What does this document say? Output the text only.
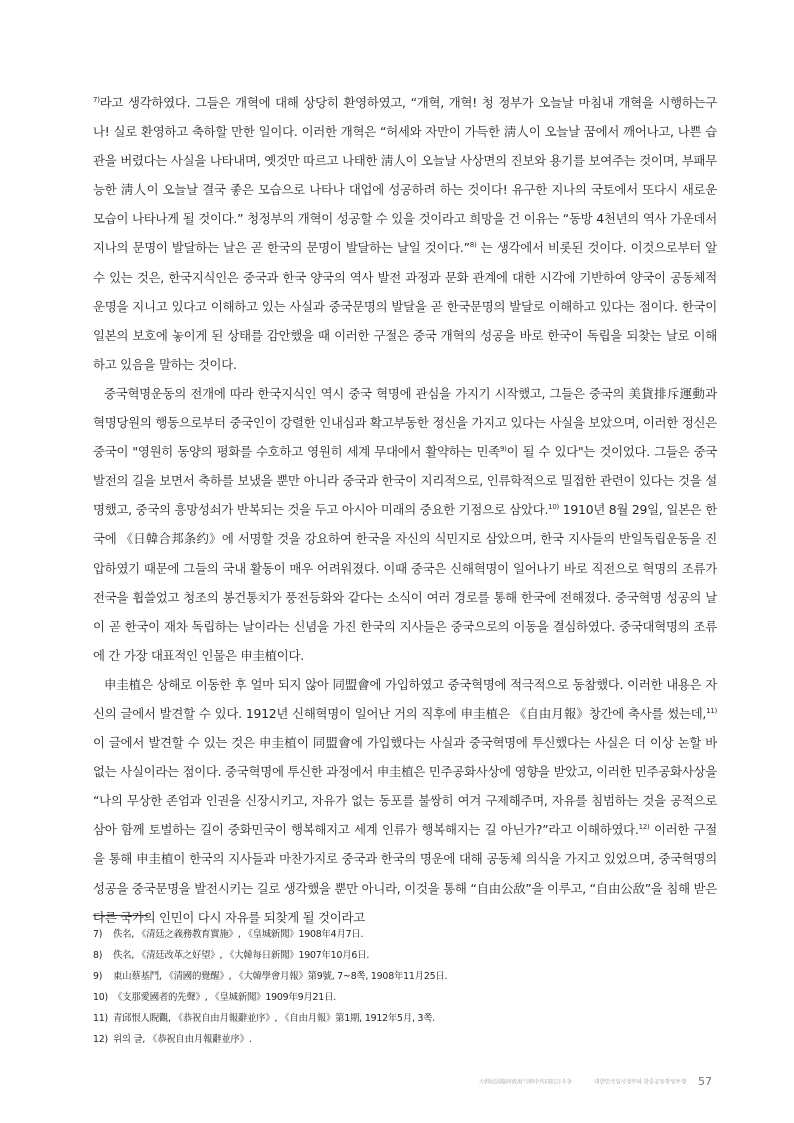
$^{7)}$라고 생각하였다. 그들은 개혁에 대해 상당히 환영하였고, “개혁, 개혁! 청 정부가 오늘날 마침내 개혁을 시행하는구나! 실로 환영하고 축하할 만한 일이다. 이러한 개혁은 “허세와 자만이 가득한 淸人이 오늘날 꿈에서 깨어나고, 나쁜 습관을 버렸다는 사실을 나타내며, 옛것만 따르고 나태한 淸人이 오늘날 사상면의 진보와 용기를 보여주는 것이며, 부패무능한 淸人이 오늘날 결국 좋은 모습으로 나타나 대업에 성공하려 하는 것이다! 유구한 지나의 국토에서 또다시 새로운 모습이 나타나게 될 것이다.” 청정부의 개혁이 성공할 수 있을 것이라고 희망을 건 이유는 “동방 4천년의 역사 가운데서 지나의 문명이 발달하는 날은 곧 한국의 문명이 발달하는 날일 것이다.”$^{8)}$ 는 생각에서 비롯된 것이다. 이것으로부터 알 수 있는 것은, 한국지식인은 중국과 한국 양국의 역사 발전 과정과 문화 관계에 대한 시각에 기반하여 양국이 공동체적 운명을 지니고 있다고 이해하고 있는 사실과 중국문명의 발달을 곧 한국문명의 발달로 이해하고 있다는 점이다. 한국이 일본의 보호에 놓이게 된 상태를 감안했을 때 이러한 구절은 중국 개혁의 성공을 바로 한국이 독립을 되찾는 날로 이해하고 있음을 말하는 것이다.

중국혁명운동의 전개에 따라 한국지식인 역시 중국 혁명에 관심을 가지기 시작했고, 그들은 중국의 美貨排斥運動과 혁명당원의 행동으로부터 중국인이 강렬한 인내심과 확고부동한 정신을 가지고 있다는 사실을 보았으며, 이러한 정신은 중국이 "영원히 동양의 평화를 수호하고 영원히 세계 무대에서 활약하는 민족$^{9)}$이 될 수 있다"는 것이었다. 그들은 중국 발전의 길을 보면서 축하를 보냈을 뿐만 아니라 중국과 한국이 지리적으로, 인류학적으로 밀접한 관련이 있다는 것을 설명했고, 중국의 흥망성쇠가 반복되는 것을 두고 아시아 미래의 중요한 기점으로 삼았다.$^{10)}$ 1910년 8월 29일, 일본은 한국에 《日韓合邦条约》에 서명할 것을 강요하여 한국을 자신의 식민지로 삼았으며, 한국 지사들의 반일독립운동을 진압하였기 때문에 그들의 국내 활동이 매우 어려워졌다. 이때 중국은 신해혁명이 일어나기 바로 직전으로 혁명의 조류가 전국을 휩쓸었고 청조의 봉건통치가 풍전등화와 같다는 소식이 여러 경로를 통해 한국에 전해졌다. 중국혁명 성공의 날이 곧 한국이 재차 독립하는 날이라는 신념을 가진 한국의 지사들은 중국으로의 이동을 결심하였다. 중국대혁명의 조류에 간 가장 대표적인 인물은 申圭植이다.

申圭植은 상해로 이동한 후 얼마 되지 않아 同盟會에 가입하였고 중국혁명에 적극적으로 동참했다. 이러한 내용은 자신의 글에서 발견할 수 있다. 1912년 신해혁명이 일어난 거의 직후에 申圭植은 《自由月報》창간에 축사를 썼는데,$^{11)}$ 이 글에서 발견할 수 있는 것은 申圭植이 同盟會에 가입했다는 사실과 중국혁명에 투신했다는 사실은 더 이상 논할 바 없는 사실이라는 점이다. 중국혁명에 투신한 과정에서 申圭植은 민주공화사상에 영향을 받았고, 이러한 민주공화사상을 “나의 무상한 존엄과 인권을 신장시키고, 자유가 없는 동포를 불쌍히 여겨 구제해주며, 자유를 침범하는 것을 공적으로 삼아 함께 토벌하는 길이 중화민국이 행복해지고 세계 인류가 행복해지는 길 아닌가?”라고 이해하였다.$^{12)}$ 이러한 구절을 통해 申圭植이 한국의 지사들과 마찬가지로 중국과 한국의 명운에 대해 공동체 의식을 가지고 있었으며, 중국혁명의 성공을 중국문명을 발전시키는 길로 생각했을 뿐만 아니라, 이것을 통해 “自由公敌”을 이루고, “自由公敌”을 침해 받은 다른 국가의 인민이 다시 자유를 되찾게 될 것이라고

7) 佚名, 《清廷之義務教育實施》, 《皇城新聞》1908年4月7日.
8) 佚名, 《清廷改革之好望》, 《大韓每日新聞》1907年10月6日.
9) 東山蔡基鬥, 《清國的覺醒》, 《大韓學會月報》第9號, 7~8쪽, 1908年11月25日.
10) 《支那愛國者的先聲》, 《皇城新聞》1909年9月21日.
11) 青邱恨人睨觀, 《恭祝自由月報辭並序》, 《自由月報》第1期, 1912年5月, 3쪽.
12) 위의 글, 《恭祝自由月報辭並序》.
大韩民国临时政府与韩中共同抗日斗争	대한민국임시정부와 한중공동항일투쟁 57
